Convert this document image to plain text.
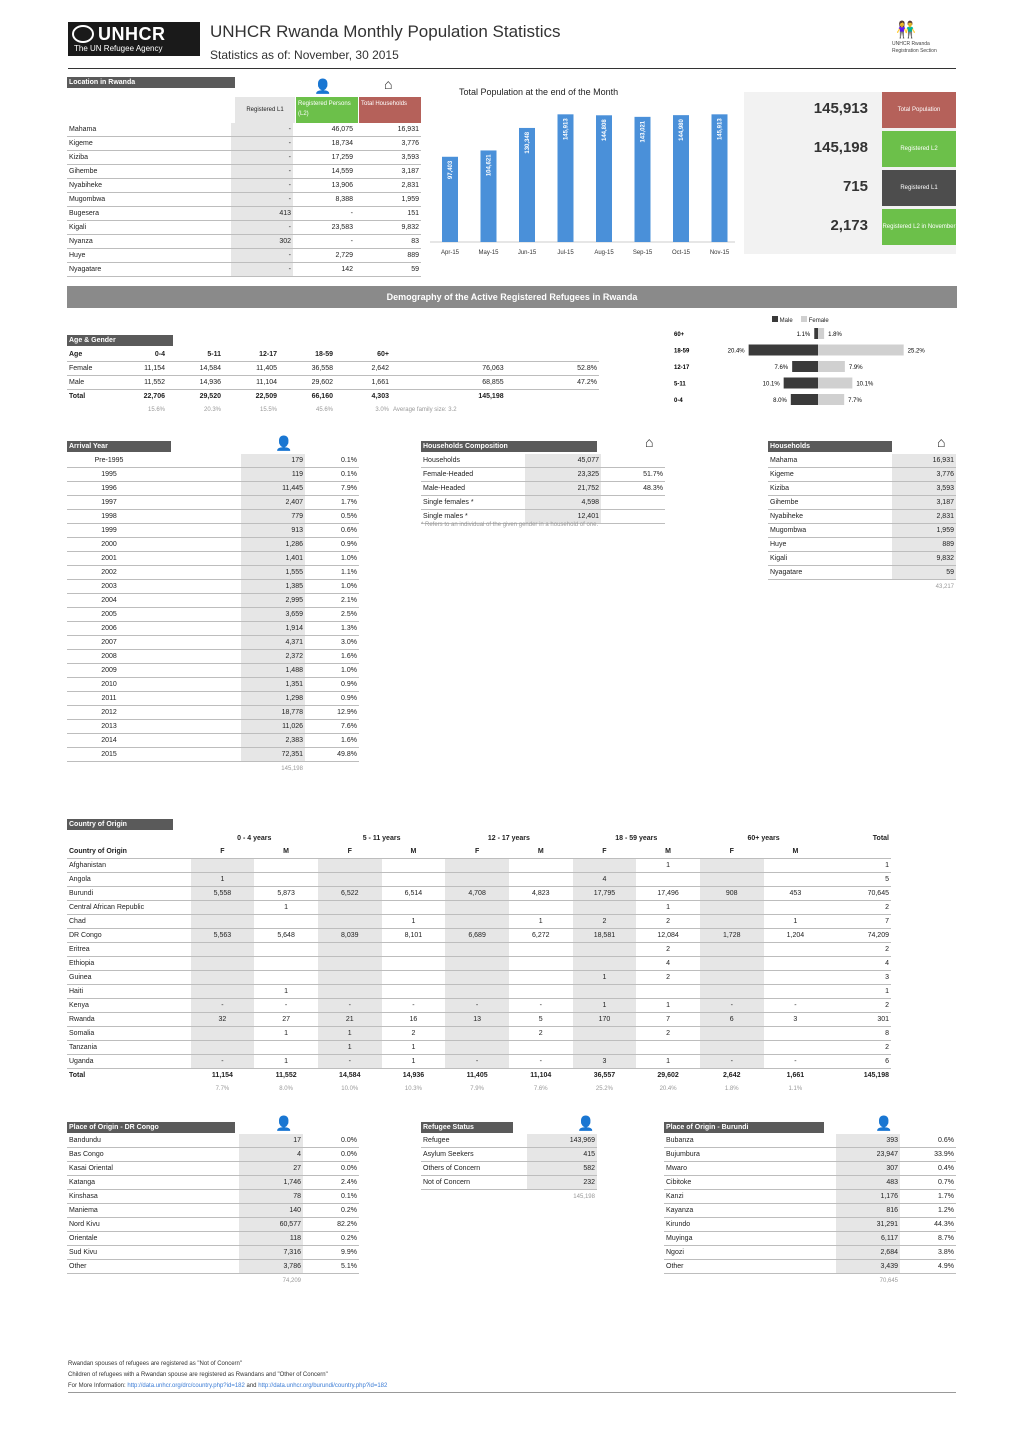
UNHCR
The UN Refugee Agency
UNHCR Rwanda Monthly Population Statistics
Statistics as of: November, 30 2015
👫
UNHCR Rwanda
Registration Section
Location in Rwanda	👤	⌂
Registered L1
Registered Persons (L2)
Total Households
Mahama	-	46,075	16,931
Kigeme	-	18,734	3,776
Kiziba	-	17,259	3,593
Gihembe	-	14,559	3,187
Nyabiheke	-	13,906	2,831
Mugombwa	-	8,388	1,959
Bugesera	413	-	151
Kigali	-	23,583	9,832
Nyanza	302	-	83
Huye	-	2,729	889
Nyagatare	-	142	59
Total Population at the end of the Month
97,403
Apr-15
104,621
May-15
130,348
Jun-15
145,913
Jul-15
144,808
Aug-15
143,021
Sep-15
144,980
Oct-15
145,913
Nov-15
145,913	Total Population
145,198	Registered L2
715	Registered L1
2,173 Registered L2 in November
Demography of the Active Registered Refugees in Rwanda
Age & Gender
Age	0-4	5-11	12-17	18-59	60+		
Female	11,154	14,584	11,405	36,558	2,642	76,063	52.8%
Male	11,552	14,936	11,104	29,602	1,661	68,855	47.2%
Total	22,706	29,520	22,509	66,160	4,303	145,198	
	15.6%	20.3%	15.5%	45.6%	3.0%	Average family size: 3.2	
Male	Female
60+	1.1%	1.8%
18-59	20.4%	25.2%
12-17	7.6%	7.9%
5-11	10.1%	10.1%
0-4	8.0%	7.7%
Arrival Year	👤
Pre-1995		179	0.1%
1995		119	0.1%
1996		11,445	7.9%
1997		2,407	1.7%
1998		779	0.5%
1999		913	0.6%
2000		1,286	0.9%
2001		1,401	1.0%
2002		1,555	1.1%
2003		1,385	1.0%
2004		2,995	2.1%
2005		3,659	2.5%
2006		1,914	1.3%
2007		4,371	3.0%
2008		2,372	1.6%
2009		1,488	1.0%
2010		1,351	0.9%
2011		1,298	0.9%
2012		18,778	12.9%
2013		11,026	7.6%
2014		2,383	1.6%
2015		72,351	49.8%
		145,198	
Households Composition	⌂
Households	45,077	
Female-Headed	23,325	51.7%
Male-Headed	21,752	48.3%
Single females *	4,598	
Single males *	12,401	
* Refers to an individual of the given gender in a household of one.
Households	⌂
Mahama	16,931
Kigeme	3,776
Kiziba	3,593
Gihembe	3,187
Nyabiheke	2,831
Mugombwa	1,959
Huye	889
Kigali	9,832
Nyagatare	59
	43,217
Country of Origin
	0 - 4 years		5 - 11 years		12 - 17 years		18 - 59 years		60+ years		Total
Country of Origin	F	M	F	M	F	M	F	M	F	M	
Afghanistan								1			1
Angola	1						4				5
Burundi	5,558	5,873	6,522	6,514	4,708	4,823	17,795	17,496	908	453	70,645
Central African Republic		1						1			2
Chad				1		1	2	2		1	7
DR Congo	5,563	5,648	8,039	8,101	6,689	6,272	18,581	12,084	1,728	1,204	74,209
Eritrea								2			2
Ethiopia								4			4
Guinea							1	2			3
Haiti		1									1
Kenya	-	-	-	-	-	-	1	1	-	-	2
Rwanda	32	27	21	16	13	5	170	7	6	3	301
Somalia		1	1	2		2		2			8
Tanzania			1	1							2
Uganda	-	1	-	1	-	-	3	1	-	-	6
Total	11,154	11,552	14,584	14,936	11,405	11,104	36,557	29,602	2,642	1,661	145,198
	7.7%	8.0%	10.0%	10.3%	7.9%	7.6%	25.2%	20.4%	1.8%	1.1%	
Place of Origin - DR Congo	👤
Bandundu	17	0.0%
Bas Congo	4	0.0%
Kasai Oriental	27	0.0%
Katanga	1,746	2.4%
Kinshasa	78	0.1%
Maniema	140	0.2%
Nord Kivu	60,577	82.2%
Orientale	118	0.2%
Sud Kivu	7,316	9.9%
Other	3,786	5.1%
	74,209	
Refugee Status	👤
Refugee	143,969
Asylum Seekers	415
Others of Concern	582
Not of Concern	232
	145,198
Place of Origin - Burundi	👤
Bubanza	393	0.6%
Bujumbura	23,947	33.9%
Mwaro	307	0.4%
Cibitoke	483	0.7%
Kanzi	1,176	1.7%
Kayanza	816	1.2%
Kirundo	31,291	44.3%
Muyinga	6,117	8.7%
Ngozi	2,684	3.8%
Other	3,439	4.9%
	70,645	
Rwandan spouses of refugees are registered as "Not of Concern"
Children of refugees with a Rwandan spouse are registered as Rwandans and "Other of Concern"
For More Information: http://data.unhcr.org/drc/country.php?id=182 and http://data.unhcr.org/burundi/country.php?id=182
